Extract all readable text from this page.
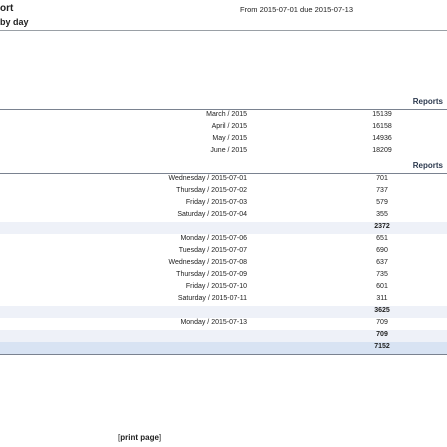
ort
by day
From 2015-07-01 due 2015-07-13
Reports
March / 2015	15139
April / 2015	16158
May / 2015	14936
June / 2015	18209
Reports
Wednesday / 2015-07-01	701
Thursday / 2015-07-02	737
Friday / 2015-07-03	579
Saturday / 2015-07-04	355
2372
Monday / 2015-07-06	651
Tuesday / 2015-07-07	690
Wednesday / 2015-07-08	637
Thursday / 2015-07-09	735
Friday / 2015-07-10	601
Saturday / 2015-07-11	311
3625
Monday / 2015-07-13	709
709
7152
[print page]
